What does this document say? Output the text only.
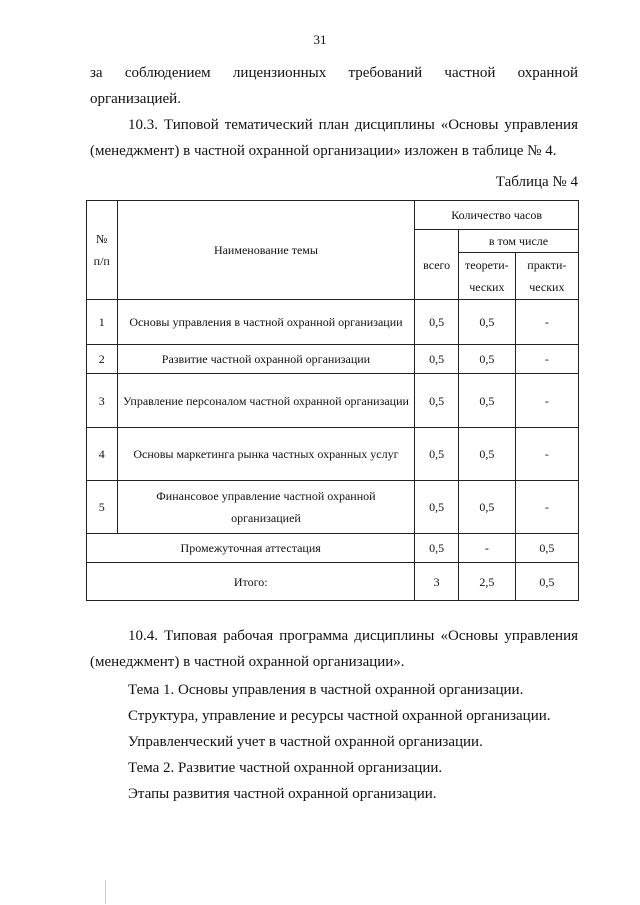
31
за соблюдением лицензионных требований частной охранной
организацией.
10.3. Типовой тематический план дисциплины «Основы управления
(менеджмент) в частной охранной организации» изложен в таблице № 4.
Таблица № 4
№ п/п	Наименование темы	Количество часов		
		всего	в том числе	
			теорети-ческих	практи-ческих
1	Основы управления в частной охранной организации	0,5	0,5	-
2	Развитие частной охранной организации	0,5	0,5	-
3	Управление персоналом частной охранной организации	0,5	0,5	-
4	Основы маркетинга рынка частных охранных услуг	0,5	0,5	-
5	Финансовое управление частной охранной организацией	0,5	0,5	-
Промежуточная аттестация		0,5	-	0,5
Итого:		3	2,5	0,5
10.4. Типовая рабочая программа дисциплины «Основы управления
(менеджмент) в частной охранной организации».
Тема 1. Основы управления в частной охранной организации.
Структура, управление и ресурсы частной охранной организации.
Управленческий учет в частной охранной организации.
Тема 2. Развитие частной охранной организации.
Этапы развития частной охранной организации.
